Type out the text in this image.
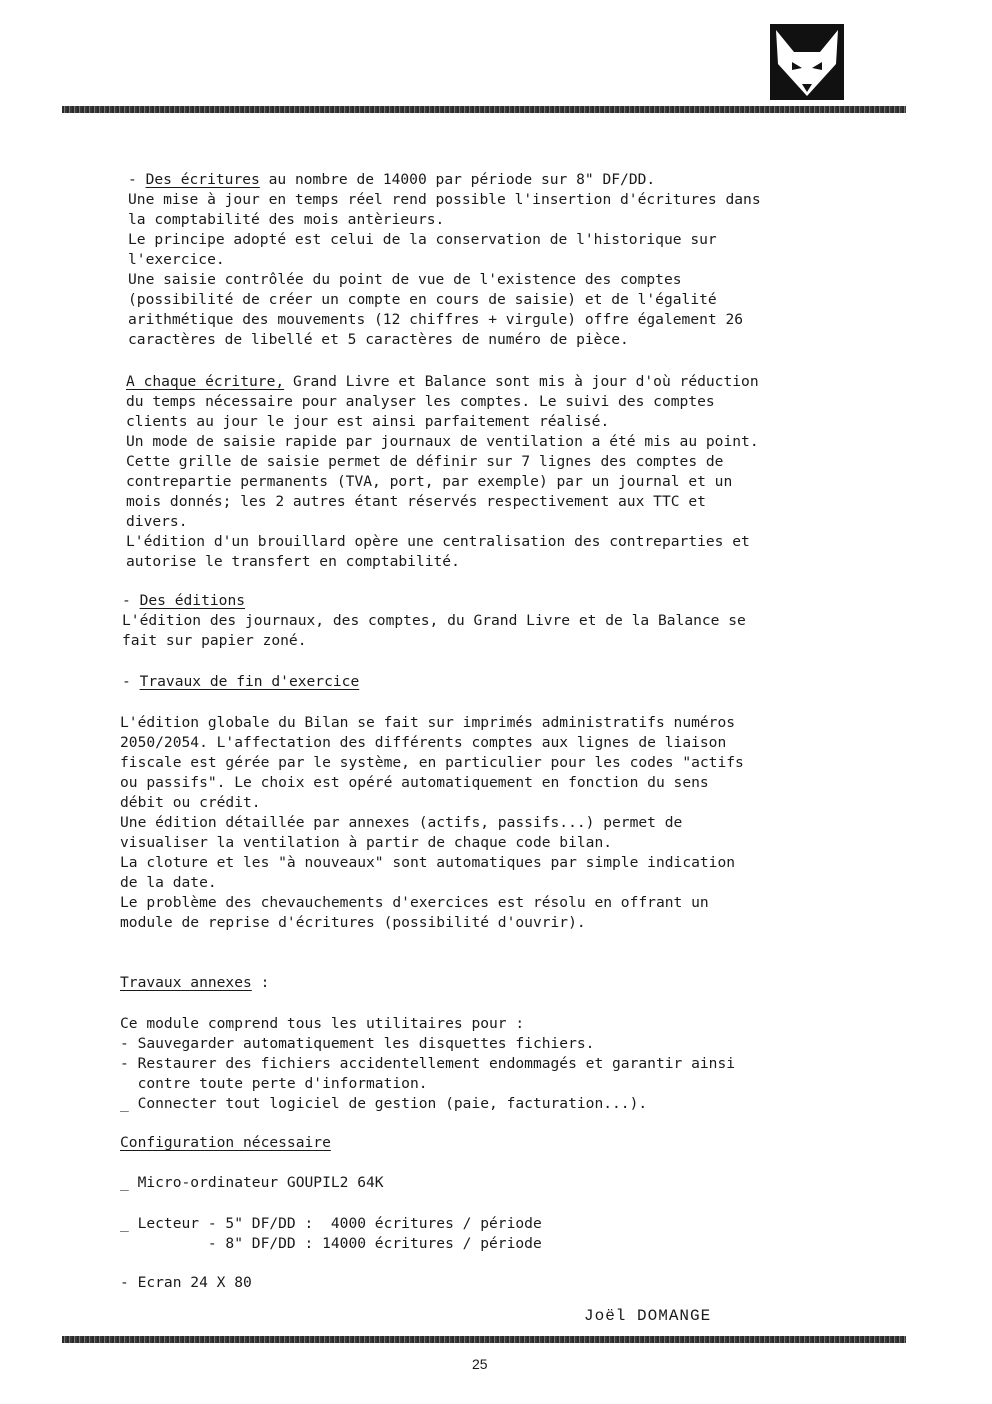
- Des écritures au nombre de 14000 par période sur 8" DF/DD.
Une mise à jour en temps réel rend possible l'insertion d'écritures dans
la comptabilité des mois antèrieurs.
Le principe adopté est celui de la conservation de l'historique sur
l'exercice.
Une saisie contrôlée du point de vue de l'existence des comptes
(possibilité de créer un compte en cours de saisie) et de l'égalité
arithmétique des mouvements (12 chiffres + virgule) offre également 26
caractères de libellé et 5 caractères de numéro de pièce.
A chaque écriture, Grand Livre et Balance sont mis à jour d'où réduction
du temps nécessaire pour analyser les comptes. Le suivi des comptes
clients au jour le jour est ainsi parfaitement réalisé.
Un mode de saisie rapide par journaux de ventilation a été mis au point.
Cette grille de saisie permet de définir sur 7 lignes des comptes de
contrepartie permanents (TVA, port, par exemple) par un journal et un
mois donnés; les 2 autres étant réservés respectivement aux TTC et
divers.
L'édition d'un brouillard opère une centralisation des contreparties et
autorise le transfert en comptabilité.
- Des éditions
L'édition des journaux, des comptes, du Grand Livre et de la Balance se
fait sur papier zoné.
- Travaux de fin d'exercice
L'édition globale du Bilan se fait sur imprimés administratifs numéros
2050/2054. L'affectation des différents comptes aux lignes de liaison
fiscale est gérée par le système, en particulier pour les codes "actifs
ou passifs". Le choix est opéré automatiquement en fonction du sens
débit ou crédit.
Une édition détaillée par annexes (actifs, passifs...) permet de
visualiser la ventilation à partir de chaque code bilan.
La cloture et les "à nouveaux" sont automatiques par simple indication
de la date.
Le problème des chevauchements d'exercices est résolu en offrant un
module de reprise d'écritures (possibilité d'ouvrir).
Travaux annexes :
Ce module comprend tous les utilitaires pour :
- Sauvegarder automatiquement les disquettes fichiers.
- Restaurer des fichiers accidentellement endommagés et garantir ainsi
contre toute perte d'information.
_ Connecter tout logiciel de gestion (paie, facturation...).
Configuration nécessaire
_ Micro-ordinateur GOUPIL2 64K
_ Lecteur - 5" DF/DD :  4000 écritures / période
- 8" DF/DD : 14000 écritures / période
- Ecran 24 X 80
Joël DOMANGE
25
